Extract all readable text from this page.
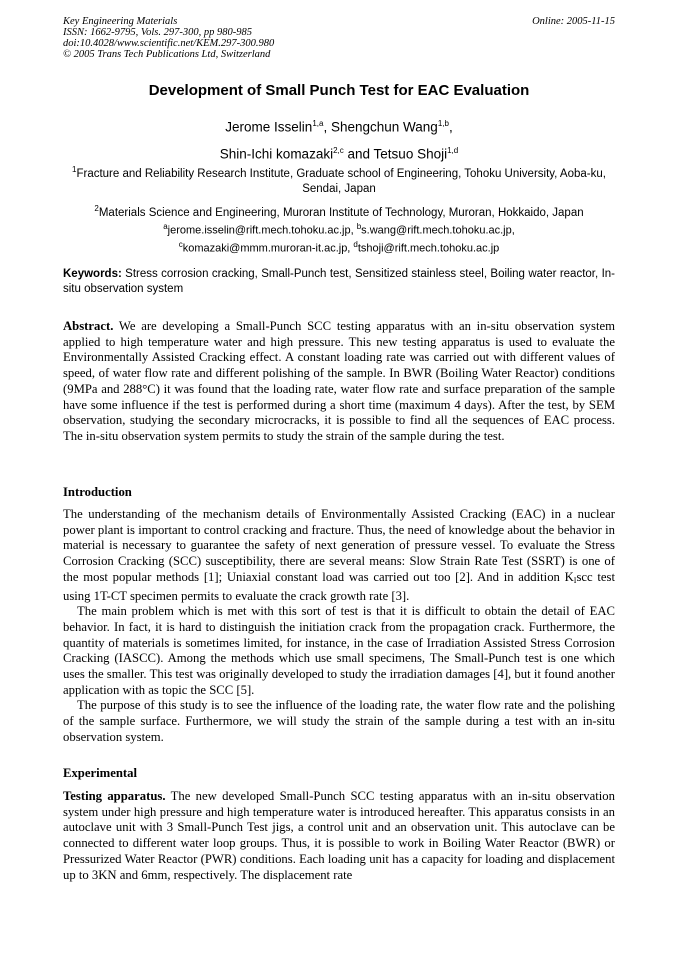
Key Engineering Materials
ISSN: 1662-9795, Vols. 297-300, pp 980-985
doi:10.4028/www.scientific.net/KEM.297-300.980
© 2005 Trans Tech Publications Ltd, Switzerland
Online: 2005-11-15
Development of Small Punch Test for EAC Evaluation
Jerome Isselin$^{1,a}$, Shengchun Wang$^{1,b}$,
Shin-Ichi komazaki$^{2,c}$ and Tetsuo Shoji$^{1,d}$
$^1$Fracture and Reliability Research Institute, Graduate school of Engineering, Tohoku University, Aoba-ku, Sendai, Japan
$^2$Materials Science and Engineering, Muroran Institute of Technology, Muroran, Hokkaido, Japan
$^a$jerome.isselin@rift.mech.tohoku.ac.jp, $^b$s.wang@rift.mech.tohoku.ac.jp,
$^c$komazaki@mmm.muroran-it.ac.jp, $^d$tshoji@rift.mech.tohoku.ac.jp
Keywords: Stress corrosion cracking, Small-Punch test, Sensitized stainless steel, Boiling water reactor, In-situ observation system

Abstract. We are developing a Small-Punch SCC testing apparatus with an in-situ observation system applied to high temperature water and high pressure. This new testing apparatus is used to evaluate the Environmentally Assisted Cracking effect. A constant loading rate was carried out with different values of speed, of water flow rate and different polishing of the sample. In BWR (Boiling Water Reactor) conditions (9MPa and 288°C) it was found that the loading rate, water flow rate and surface preparation of the sample have some influence if the test is performed during a short time (maximum 4 days). After the test, by SEM observation, studying the secondary microcracks, it is possible to find all the sequences of EAC process. The in-situ observation system permits to study the strain of the sample during the test.

Introduction

The understanding of the mechanism details of Environmentally Assisted Cracking (EAC) in a nuclear power plant is important to control cracking and fracture. Thus, the need of knowledge about the behavior in material is necessary to guarantee the safety of next generation of pressure vessel. To evaluate the Stress Corrosion Cracking (SCC) susceptibility, there are several means: Slow Strain Rate Test (SSRT) is one of the most popular methods [1]; Uniaxial constant load was carried out too [2]. And in addition $K_Iscc$ test using 1T-CT specimen permits to evaluate the crack growth rate [3].

The main problem which is met with this sort of test is that it is difficult to obtain the detail of EAC behavior. In fact, it is hard to distinguish the initiation crack from the propagation crack. Furthermore, the quantity of materials is sometimes limited, for instance, in the case of Irradiation Assisted Stress Corrosion Cracking (IASCC). Among the methods which use small specimens, The Small-Punch test is one which uses the smaller. This test was originally developed to study the irradiation damages [4], but it found another application with as topic the SCC [5].

The purpose of this study is to see the influence of the loading rate, the water flow rate and the polishing of the sample surface. Furthermore, we will study the strain of the sample during a test with an in-situ observation system.

Experimental

Testing apparatus. The new developed Small-Punch SCC testing apparatus with an in-situ observation system under high pressure and high temperature water is introduced hereafter. This apparatus consists in an autoclave unit with 3 Small-Punch Test jigs, a control unit and an observation unit. This autoclave can be connected to different water loop groups. Thus, it is possible to work in Boiling Water Reactor (BWR) or Pressurized Water Reactor (PWR) conditions. Each loading unit has a capacity for loading and displacement up to 3KN and 6mm, respectively. The displacement rate
